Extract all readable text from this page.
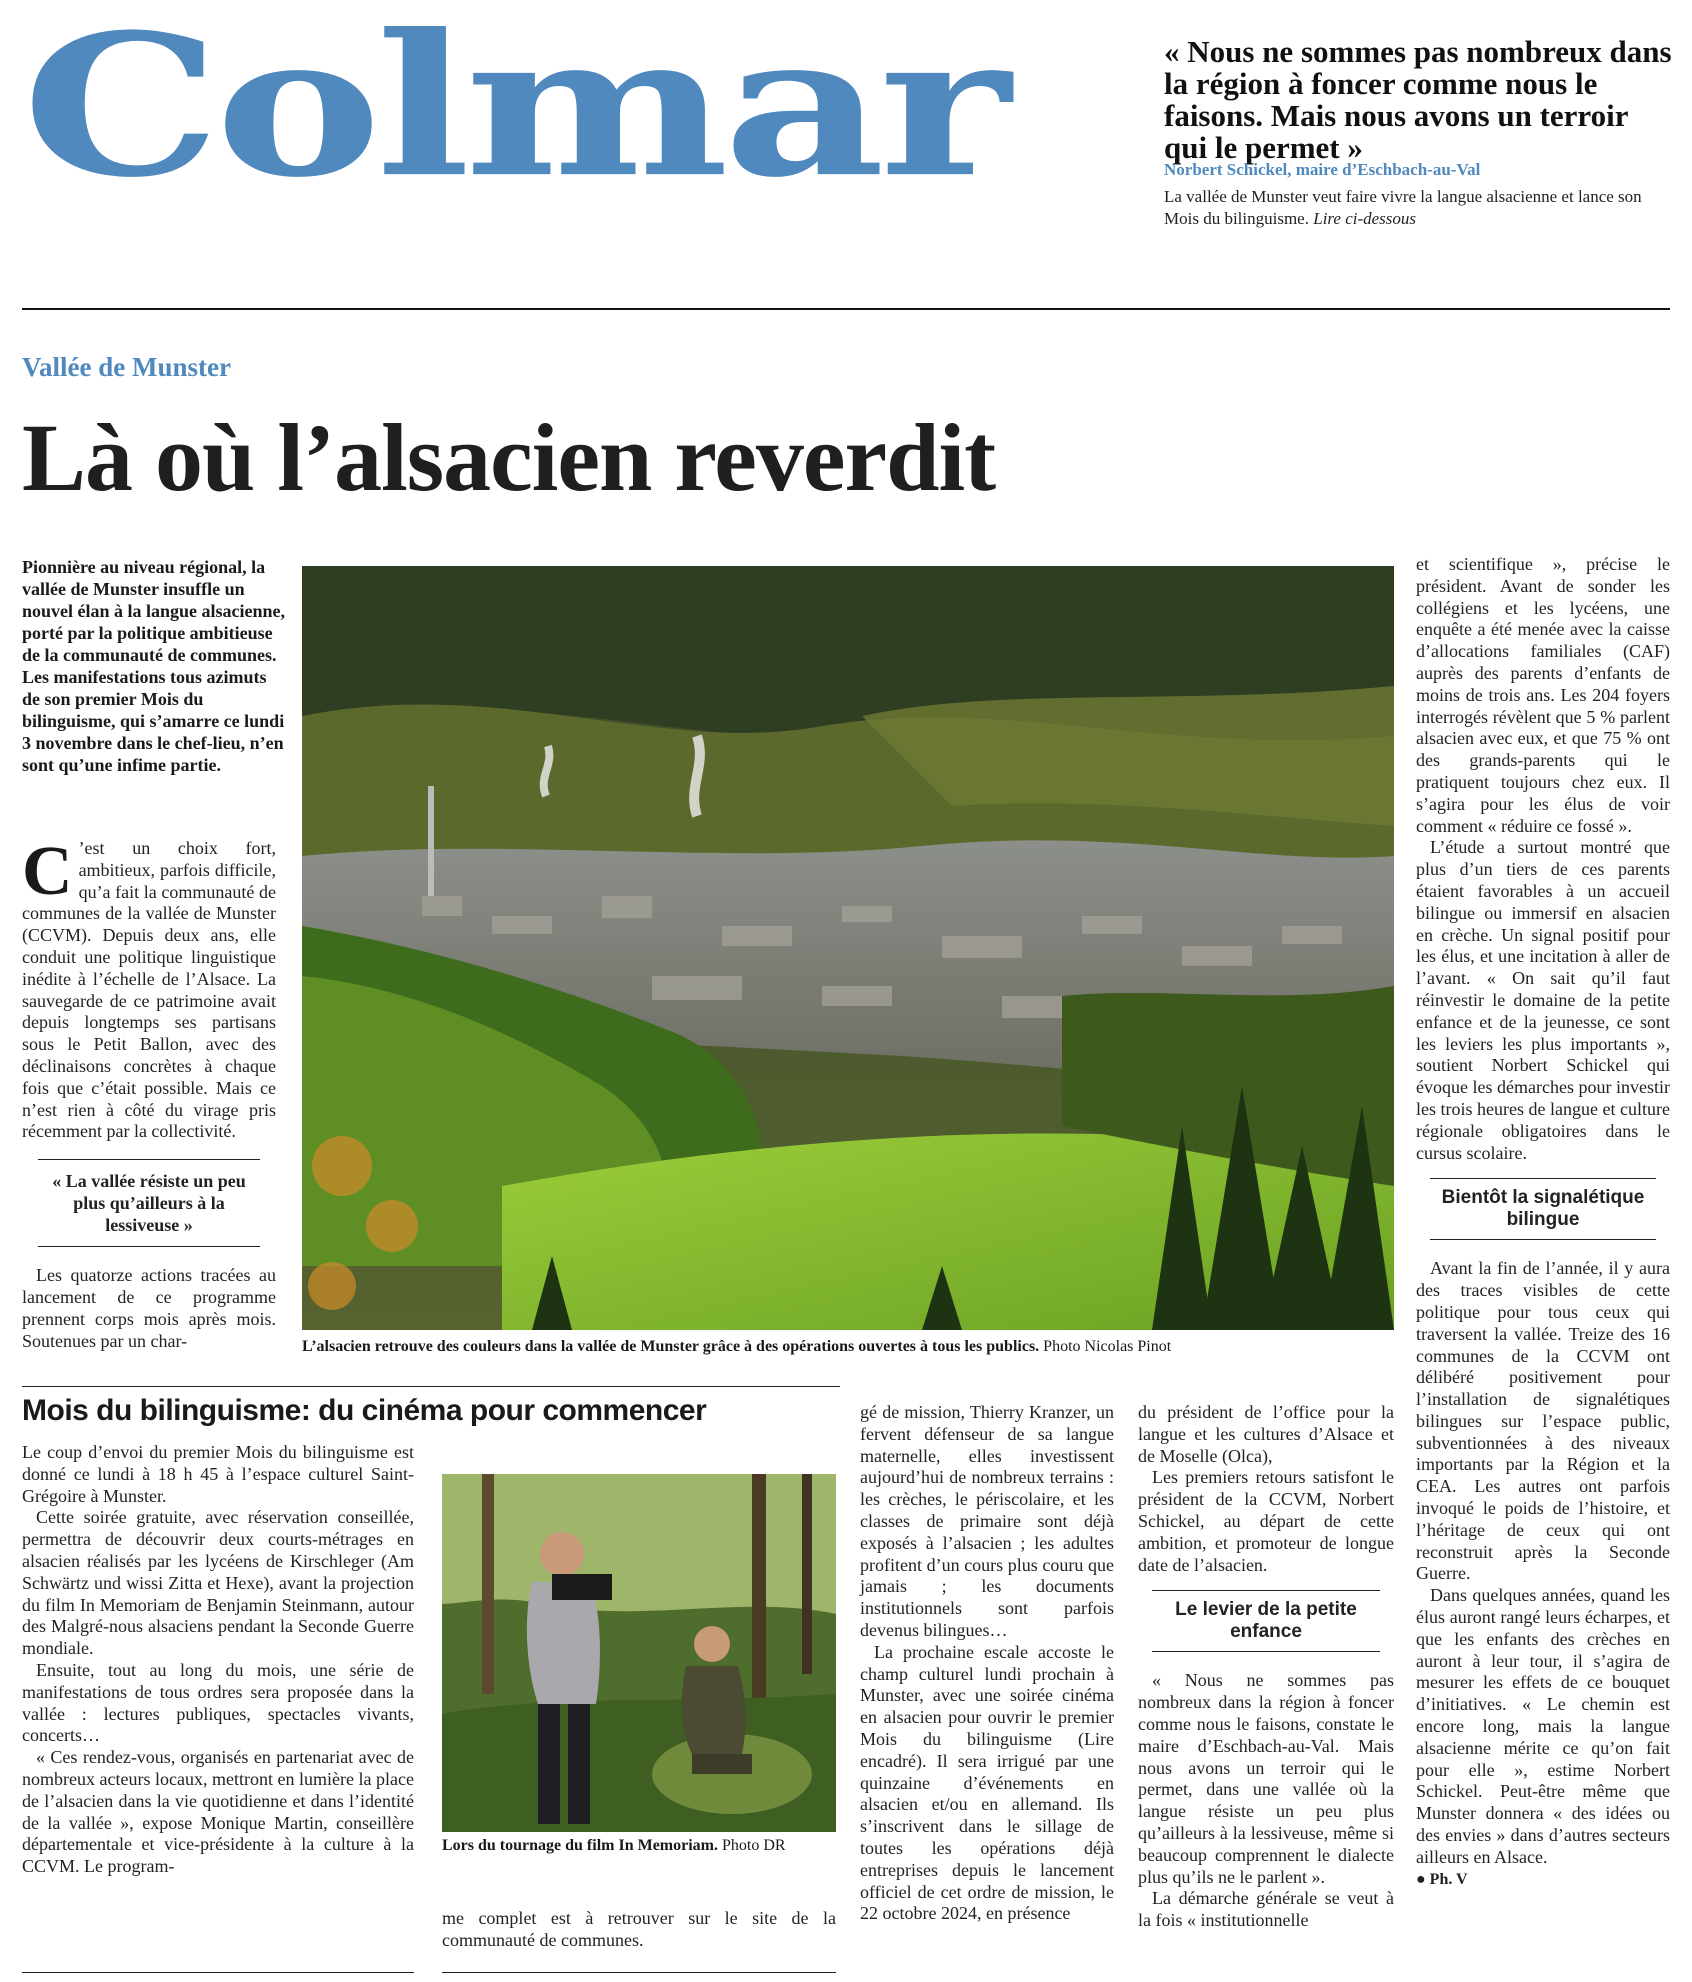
Colmar	« Nous ne sommes pas nombreux dans la région à foncer comme nous le faisons. Mais nous avons un terroir qui le permet »
Norbert Schickel, maire d’Eschbach-au-Val
La vallée de Munster veut faire vivre la langue alsacienne et lance son Mois du bilinguisme. Lire ci-dessous
Vallée de Munster
Là où l’alsacien reverdit
Pionnière au niveau régional, la vallée de Munster insuffle un nouvel élan à la langue alsacienne, porté par la politique ambitieuse de la communauté de communes. Les manifestations tous azimuts de son premier Mois du bilinguisme, qui s’amarre ce lundi 3 novembre dans le chef-lieu, n’en sont qu’une infime partie.

C ’est un choix fort, ambitieux, parfois difficile, qu’a fait la communauté de communes de la vallée de Munster (CCVM). Depuis deux ans, elle conduit une politique linguistique inédite à l’échelle de l’Alsace. La sauvegarde de ce patrimoine avait depuis longtemps ses partisans sous le Petit Ballon, avec des déclinaisons concrètes à chaque fois que c’était possible. Mais ce n’est rien à côté du virage pris récemment par la collectivité.

« La vallée résiste un peu plus qu’ailleurs à la lessiveuse »

Les quatorze actions tracées au lancement de ce programme prennent corps mois après mois. Soutenues par un char-	L’alsacien retrouve des couleurs dans la vallée de Munster grâce à des opérations ouvertes à tous les publics. Photo Nicolas Pinot

et scientifique », précise le président. Avant de sonder les collégiens et les lycéens, une enquête a été menée avec la caisse d’allocations familiales (CAF) auprès des parents d’enfants de moins de trois ans. Les 204 foyers interrogés révèlent que 5 % parlent alsacien avec eux, et que 75 % ont des grands-parents qui le pratiquent toujours chez eux. Il s’agira pour les élus de voir comment « réduire ce fossé ».

L’étude a surtout montré que plus d’un tiers de ces parents étaient favorables à un accueil bilingue ou immersif en alsacien en crèche. Un signal positif pour les élus, et une incitation à aller de l’avant. « On sait qu’il faut réinvestir le domaine de la petite enfance et de la jeunesse, ce sont les leviers les plus importants », soutient Norbert Schickel qui évoque les démarches pour investir les trois heures de langue et culture régionale obligatoires dans le cursus scolaire.

Bientôt la signalétique bilingue

Avant la fin de l’année, il y aura des traces visibles de cette politique pour tous ceux qui traversent la vallée. Treize des 16 communes de la CCVM ont délibéré positivement pour l’installation de signalétiques bilingues sur l’espace public, subventionnées à des niveaux importants par la Région et la CEA. Les autres ont parfois invoqué le poids de l’histoire, et l’héritage de ceux qui ont reconstruit après la Seconde Guerre.

Dans quelques années, quand les élus auront rangé leurs écharpes, et que les enfants des crèches en auront à leur tour, il s’agira de mesurer les effets de ce bouquet d’initiatives. « Le chemin est encore long, mais la langue alsacienne mérite ce qu’on fait pour elle », estime Norbert Schickel. Peut-être même que Munster donnera « des idées ou des envies » dans d’autres secteurs ailleurs en Alsace.

● Ph. V

Mois du bilinguisme: du cinéma pour commencer

Le coup d’envoi du premier Mois du bilinguisme est donné ce lundi à 18 h 45 à l’espace culturel Saint-Grégoire à Munster.

Cette soirée gratuite, avec réservation conseillée, permettra de découvrir deux courts-métrages en alsacien réalisés par les lycéens de Kirschleger (Am Schwärtz und wissi Zitta et Hexe), avant la projection du film In Memoriam de Benjamin Steinmann, autour des Malgré-nous alsaciens pendant la Seconde Guerre mondiale.

Ensuite, tout au long du mois, une série de manifestations de tous ordres sera proposée dans la vallée : lectures publiques, spectacles vivants, concerts…

« Ces rendez-vous, organisés en partenariat avec de nombreux acteurs locaux, mettront en lumière la place de l’alsacien dans la vie quotidienne et dans l’identité de la vallée », expose Monique Martin, conseillère départementale et vice-présidente à la culture à la CCVM. Le program-

Lors du tournage du film In Memoriam. Photo DR

me complet est à retrouver sur le site de la communauté de communes.

gé de mission, Thierry Kranzer, un fervent défenseur de sa langue maternelle, elles investissent aujourd’hui de nombreux terrains : les crèches, le périscolaire, et les classes de primaire sont déjà exposés à l’alsacien ; les adultes profitent d’un cours plus couru que jamais ; les documents institutionnels sont parfois devenus bilingues…

La prochaine escale accoste le champ culturel lundi prochain à Munster, avec une soirée cinéma en alsacien pour ouvrir le premier Mois du bilinguisme (Lire encadré). Il sera irrigué par une quinzaine d’événements en alsacien et/ou en allemand. Ils s’inscrivent dans le sillage de toutes les opérations déjà entreprises depuis le lancement officiel de cet ordre de mission, le 22 octobre 2024, en présence

du président de l’office pour la langue et les cultures d’Alsace et de Moselle (Olca),

Les premiers retours satisfont le président de la CCVM, Norbert Schickel, au départ de cette ambition, et promoteur de longue date de l’alsacien.

Le levier de la petite enfance

« Nous ne sommes pas nombreux dans la région à foncer comme nous le faisons, constate le maire d’Eschbach-au-Val. Mais nous avons un terroir qui le permet, dans une vallée où la langue résiste un peu plus qu’ailleurs à la lessiveuse, même si beaucoup comprennent le dialecte plus qu’ils ne le parlent ».

La démarche générale se veut à la fois « institutionnelle
